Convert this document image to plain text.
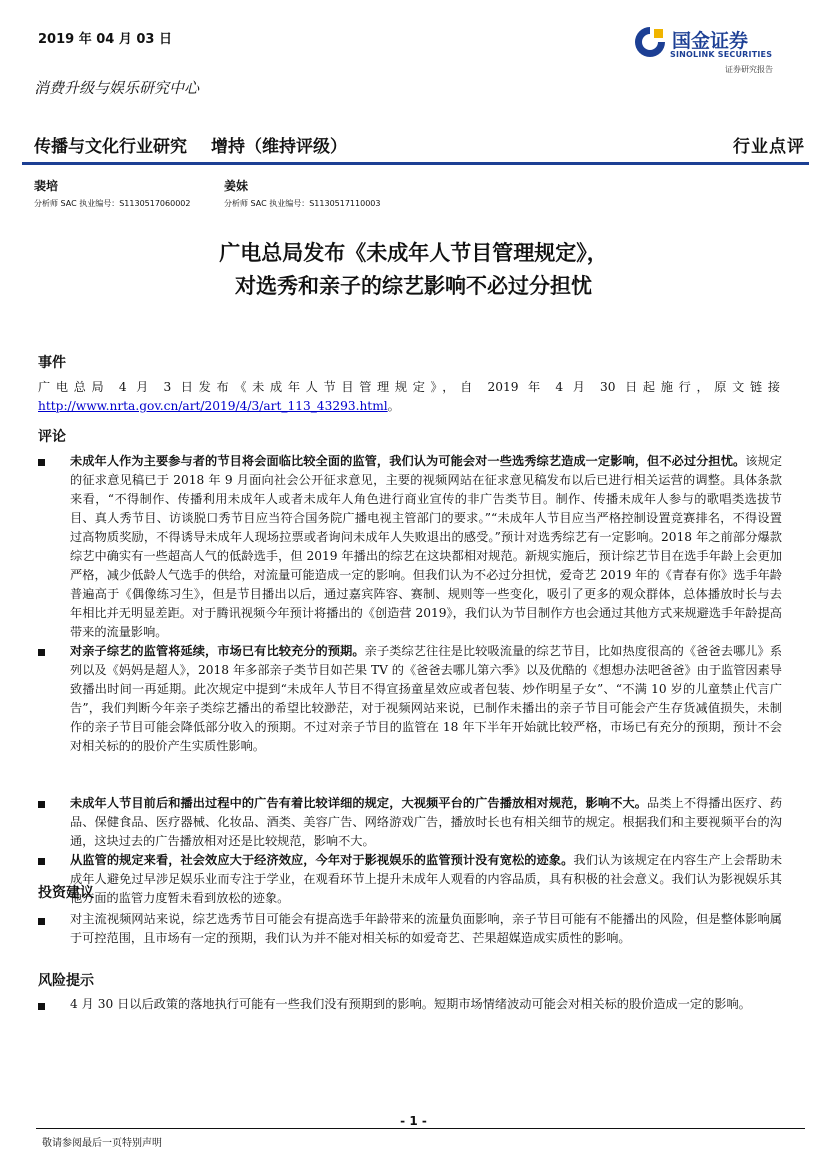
2019 年 04 月 03 日
消费升级与娱乐研究中心
国金证券
SINOLINK SECURITIES
证券研究报告
传播与文化行业研究 增持（维持评级）	行业点评
裴培
分析师 SAC 执业编号：S1130517060002
姜妹
分析师 SAC 执业编号：S1130517110003
广电总局发布《未成年人节目管理规定》，
对选秀和亲子的综艺影响不必过分担忧
事件
广电总局 4 月 3 日发布《未成年人节目管理规定》，自 2019 年 4 月 30 日起施行，原文链接http://www.nrta.gov.cn/art/2019/4/3/art_113_43293.html。
评论
未成年人作为主要参与者的节目将会面临比较全面的监管，我们认为可能会对一些选秀综艺造成一定影响，但不必过分担忧。该规定的征求意见稿已于 2018 年 9 月面向社会公开征求意见，主要的视频网站在征求意见稿发布以后已进行相关运营的调整。具体条款来看，“不得制作、传播利用未成年人或者未成年人角色进行商业宣传的非广告类节目。制作、传播未成年人参与的歌唱类选拔节目、真人秀节目、访谈脱口秀节目应当符合国务院广播电视主管部门的要求。”“未成年人节目应当严格控制设置竞赛排名，不得设置过高物质奖励，不得诱导未成年人现场拉票或者询问未成年人失败退出的感受。”预计对选秀综艺有一定影响。2018 年之前部分爆款综艺中确实有一些超高人气的低龄选手，但 2019 年播出的综艺在这块都相对规范。新规实施后，预计综艺节目在选手年龄上会更加严格，减少低龄人气选手的供给，对流量可能造成一定的影响。但我们认为不必过分担忧，爱奇艺 2019 年的《青春有你》选手年龄普遍高于《偶像练习生》，但是节目播出以后，通过嘉宾阵容、赛制、规则等一些变化，吸引了更多的观众群体，总体播放时长与去年相比并无明显差距。对于腾讯视频今年预计将播出的《创造营 2019》，我们认为节目制作方也会通过其他方式来规避选手年龄提高带来的流量影响。
对亲子综艺的监管将延续，市场已有比较充分的预期。亲子类综艺往往是比较吸流量的综艺节目，比如热度很高的《爸爸去哪儿》系列以及《妈妈是超人》，2018 年多部亲子类节目如芒果 TV 的《爸爸去哪儿第六季》以及优酷的《想想办法吧爸爸》由于监管因素导致播出时间一再延期。此次规定中提到“未成年人节目不得宣扬童星效应或者包装、炒作明星子女”、“不满 10 岁的儿童禁止代言广告”，我们判断今年亲子类综艺播出的希望比较渺茫，对于视频网站来说，已制作未播出的亲子节目可能会产生存货减值损失，未制作的亲子节目可能会降低部分收入的预期。不过对亲子节目的监管在 18 年下半年开始就比较严格，市场已有充分的预期，预计不会对相关标的的股价产生实质性影响。
未成年人节目前后和播出过程中的广告有着比较详细的规定，大视频平台的广告播放相对规范，影响不大。品类上不得播出医疗、药品、保健食品、医疗器械、化妆品、酒类、美容广告、网络游戏广告，播放时长也有相关细节的规定。根据我们和主要视频平台的沟通，这块过去的广告播放相对还是比较规范，影响不大。
从监管的规定来看，社会效应大于经济效应，今年对于影视娱乐的监管预计没有宽松的迹象。我们认为该规定在内容生产上会帮助未成年人避免过早涉足娱乐业而专注于学业，在观看环节上提升未成年人观看的内容品质，具有积极的社会意义。我们认为影视娱乐其他方面的监管力度暂未看到放松的迹象。
投资建议
对主流视频网站来说，综艺选秀节目可能会有提高选手年龄带来的流量负面影响，亲子节目可能有不能播出的风险，但是整体影响属于可控范围，且市场有一定的预期，我们认为并不能对相关标的如爱奇艺、芒果超媒造成实质性的影响。
风险提示
4 月 30 日以后政策的落地执行可能有一些我们没有预期到的影响。短期市场情绪波动可能会对相关标的股价造成一定的影响。
- 1 -
敬请参阅最后一页特别声明
